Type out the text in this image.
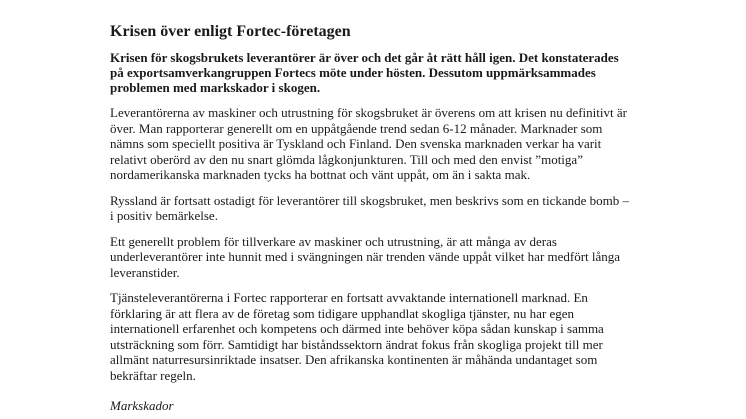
Krisen över enligt Fortec-företagen

Krisen för skogsbrukets leverantörer är över och det går åt rätt håll igen. Det konstaterades på exportsamverkangruppen Fortecs möte under hösten. Dessutom uppmärksammades problemen med markskador i skogen.

Leverantörerna av maskiner och utrustning för skogsbruket är överens om att krisen nu definitivt är över. Man rapporterar generellt om en uppåtgående trend sedan 6-12 månader. Marknader som nämns som speciellt positiva är Tyskland och Finland. Den svenska marknaden verkar ha varit relativt oberörd av den nu snart glömda lågkonjunkturen. Till och med den envist ”motiga” nordamerikanska marknaden tycks ha bottnat och vänt uppåt, om än i sakta mak.

Ryssland är fortsatt ostadigt för leverantörer till skogsbruket, men beskrivs som en tickande bomb – i positiv bemärkelse.

Ett generellt problem för tillverkare av maskiner och utrustning, är att många av deras underleverantörer inte hunnit med i svängningen när trenden vände uppåt vilket har medfört långa leveranstider.

Tjänsteleverantörerna i Fortec rapporterar en fortsatt avvaktande internationell marknad. En förklaring är att flera av de företag som tidigare upphandlat skogliga tjänster, nu har egen internationell erfarenhet och kompetens och därmed inte behöver köpa sådan kunskap i samma utsträckning som förr. Samtidigt har biståndssektorn ändrat fokus från skogliga projekt till mer allmänt naturresursinriktade insatser. Den afrikanska kontinenten är måhända undantaget som bekräftar regeln.

Markskador
